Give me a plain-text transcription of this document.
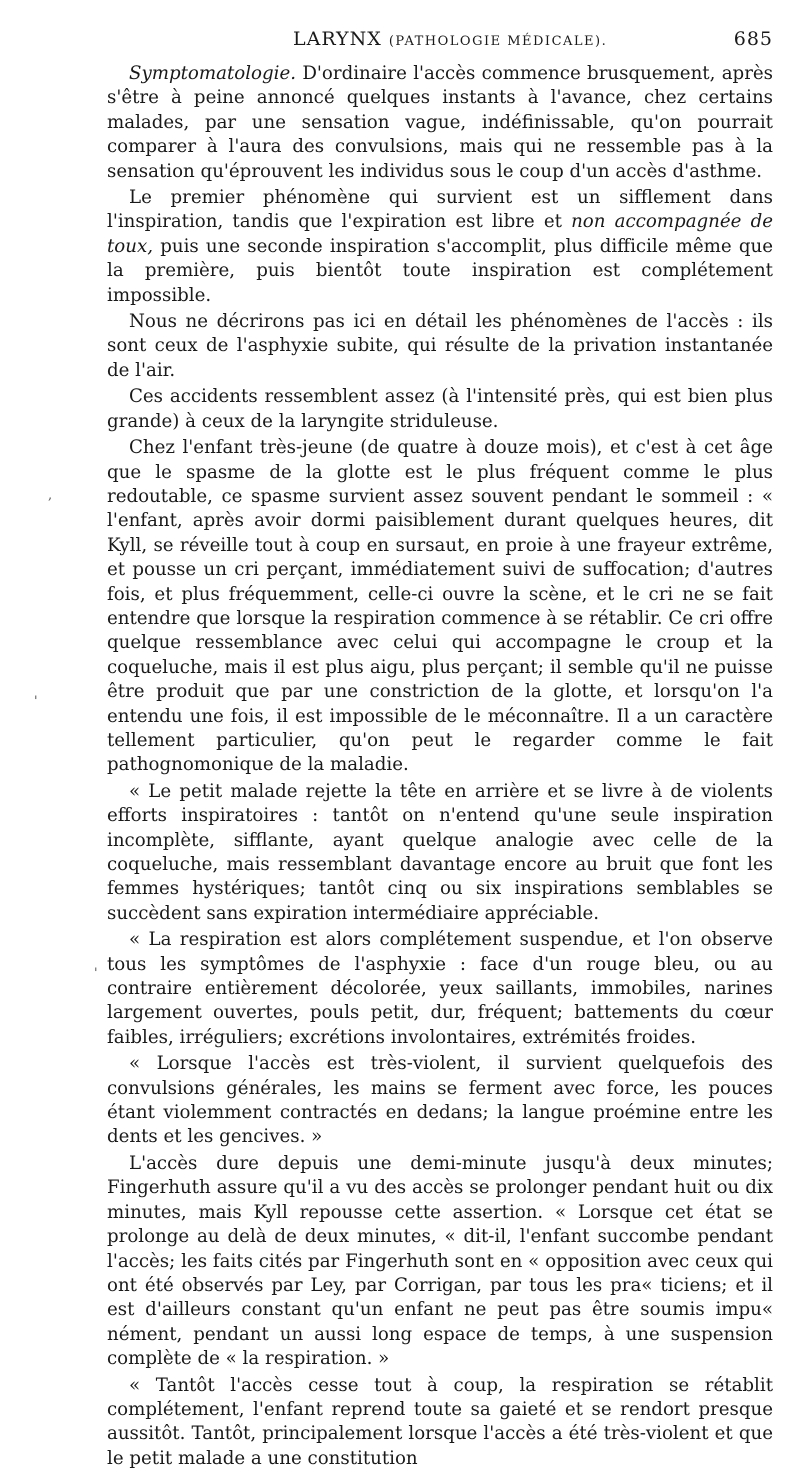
LARYNX (PATHOLOGIE MÉDICALE).	685

Symptomatologie. D'ordinaire l'accès commence brusquement, après s'être à peine annoncé quelques instants à l'avance, chez certains malades, par une sensation vague, indéfinissable, qu'on pourrait comparer à l'aura des convulsions, mais qui ne ressemble pas à la sensation qu'éprouvent les individus sous le coup d'un accès d'asthme.

Le premier phénomène qui survient est un sifflement dans l'inspiration, tandis que l'expiration est libre et non accompagnée de toux, puis une seconde inspiration s'accomplit, plus difficile même que la première, puis bientôt toute inspiration est complétement impossible.

Nous ne décrirons pas ici en détail les phénomènes de l'accès : ils sont ceux de l'asphyxie subite, qui résulte de la privation instantanée de l'air.

Ces accidents ressemblent assez (à l'intensité près, qui est bien plus grande) à ceux de la laryngite striduleuse.

Chez l'enfant très-jeune (de quatre à douze mois), et c'est à cet âge que le spasme de la glotte est le plus fréquent comme le plus redoutable, ce spasme survient assez souvent pendant le sommeil : « l'enfant, après avoir dormi paisiblement durant quelques heures, dit Kyll, se réveille tout à coup en sursaut, en proie à une frayeur extrême, et pousse un cri perçant, immédiatement suivi de suffocation; d'autres fois, et plus fréquemment, celle-ci ouvre la scène, et le cri ne se fait entendre que lorsque la respiration commence à se rétablir. Ce cri offre quelque ressemblance avec celui qui accompagne le croup et la coqueluche, mais il est plus aigu, plus perçant; il semble qu'il ne puisse être produit que par une constriction de la glotte, et lorsqu'on l'a entendu une fois, il est impossible de le méconnaître. Il a un caractère tellement particulier, qu'on peut le regarder comme le fait pathognomonique de la maladie.

« Le petit malade rejette la tête en arrière et se livre à de violents efforts inspiratoires : tantôt on n'entend qu'une seule inspiration incomplète, sifflante, ayant quelque analogie avec celle de la coqueluche, mais ressemblant davantage encore au bruit que font les femmes hystériques; tantôt cinq ou six inspirations semblables se succèdent sans expiration intermédiaire appréciable.

« La respiration est alors complétement suspendue, et l'on observe tous les symptômes de l'asphyxie : face d'un rouge bleu, ou au contraire entièrement décolorée, yeux saillants, immobiles, narines largement ouvertes, pouls petit, dur, fréquent; battements du cœur faibles, irréguliers; excrétions involontaires, extrémités froides.

« Lorsque l'accès est très-violent, il survient quelquefois des convulsions générales, les mains se ferment avec force, les pouces étant violemment contractés en dedans; la langue proémine entre les dents et les gencives. »

L'accès dure depuis une demi-minute jusqu'à deux minutes; Fingerhuth assure qu'il a vu des accès se prolonger pendant huit ou dix minutes, mais Kyll repousse cette assertion. « Lorsque cet état se prolonge au delà de deux minutes, « dit-il, l'enfant succombe pendant l'accès; les faits cités par Fingerhuth sont en « opposition avec ceux qui ont été observés par Ley, par Corrigan, par tous les pra« ticiens; et il est d'ailleurs constant qu'un enfant ne peut pas être soumis impu« nément, pendant un aussi long espace de temps, à une suspension complète de « la respiration. »

« Tantôt l'accès cesse tout à coup, la respiration se rétablit complétement, l'enfant reprend toute sa gaieté et se rendort presque aussitôt. Tantôt, principalement lorsque l'accès a été très-violent et que le petit malade a une constitution

,
'
'
